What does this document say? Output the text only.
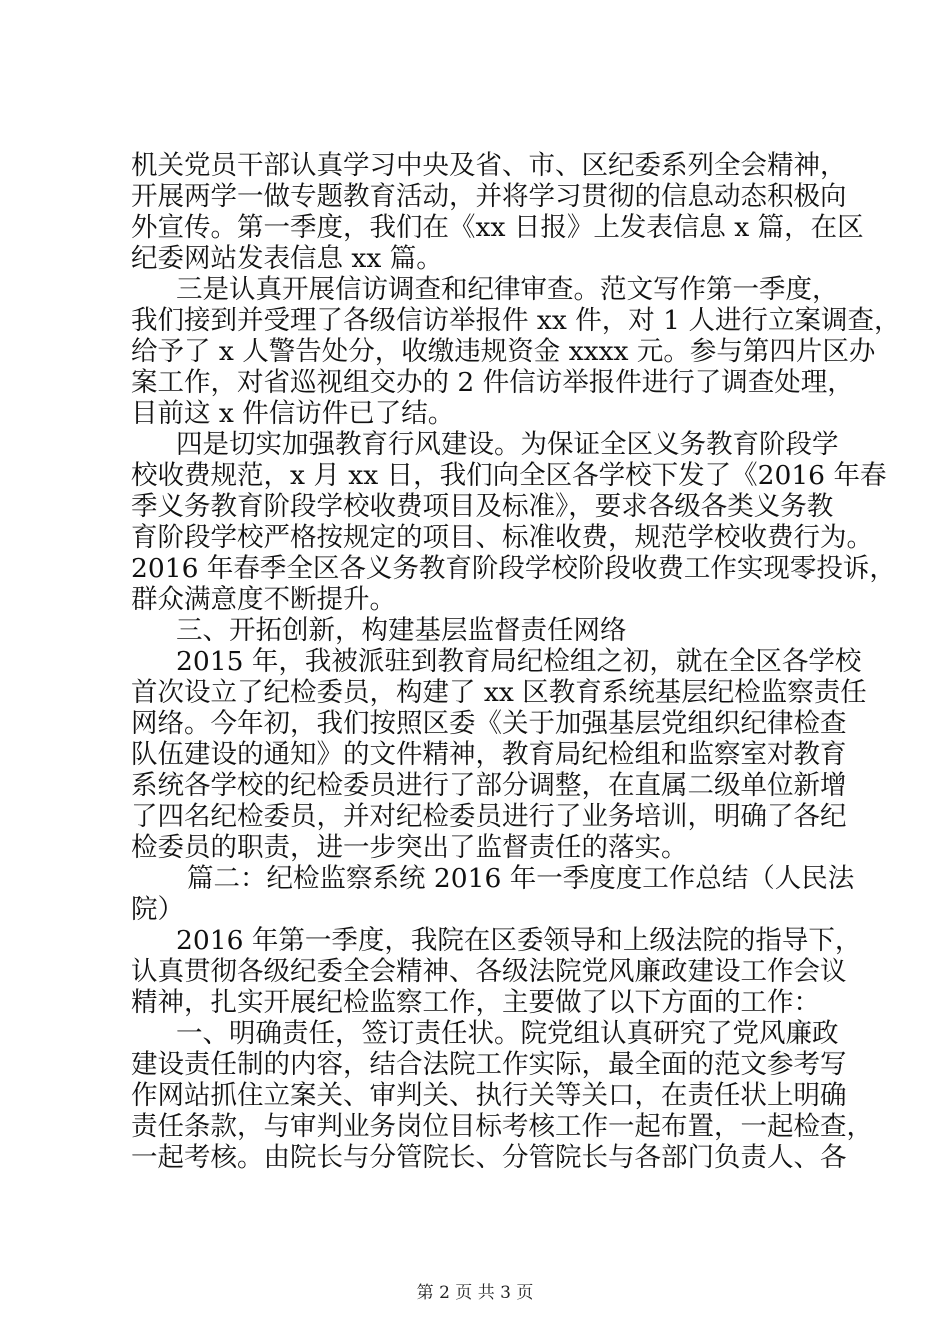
机关党员干部认真学习中央及省、市、区纪委系列全会精神，
开展两学一做专题教育活动，并将学习贯彻的信息动态积极向
外宣传。第一季度，我们在《xx 日报》上发表信息 x 篇，在区
纪委网站发表信息 xx 篇。
三是认真开展信访调查和纪律审查。范文写作第一季度，
我们接到并受理了各级信访举报件 xx 件，对 1 人进行立案调查，
给予了 x 人警告处分，收缴违规资金 xxxx 元。参与第四片区办
案工作，对省巡视组交办的 2 件信访举报件进行了调查处理，
目前这 x 件信访件已了结。
四是切实加强教育行风建设。为保证全区义务教育阶段学
校收费规范，x 月 xx 日，我们向全区各学校下发了《2016 年春
季义务教育阶段学校收费项目及标准》，要求各级各类义务教
育阶段学校严格按规定的项目、标准收费，规范学校收费行为。
2016 年春季全区各义务教育阶段学校阶段收费工作实现零投诉，
群众满意度不断提升。
三、开拓创新，构建基层监督责任网络
2015 年，我被派驻到教育局纪检组之初，就在全区各学校
首次设立了纪检委员，构建了 xx 区教育系统基层纪检监察责任
网络。今年初，我们按照区委《关于加强基层党组织纪律检查
队伍建设的通知》的文件精神，教育局纪检组和监察室对教育
系统各学校的纪检委员进行了部分调整，在直属二级单位新增
了四名纪检委员，并对纪检委员进行了业务培训，明确了各纪
检委员的职责，进一步突出了监督责任的落实。
篇二：纪检监察系统 2016 年一季度度工作总结（人民法
院）
2016 年第一季度，我院在区委领导和上级法院的指导下，
认真贯彻各级纪委全会精神、各级法院党风廉政建设工作会议
精神，扎实开展纪检监察工作，主要做了以下方面的工作：
一、明确责任，签订责任状。院党组认真研究了党风廉政
建设责任制的内容，结合法院工作实际，最全面的范文参考写
作网站抓住立案关、审判关、执行关等关口，在责任状上明确
责任条款，与审判业务岗位目标考核工作一起布置，一起检查，
一起考核。由院长与分管院长、分管院长与各部门负责人、各
第 2 页 共 3 页
